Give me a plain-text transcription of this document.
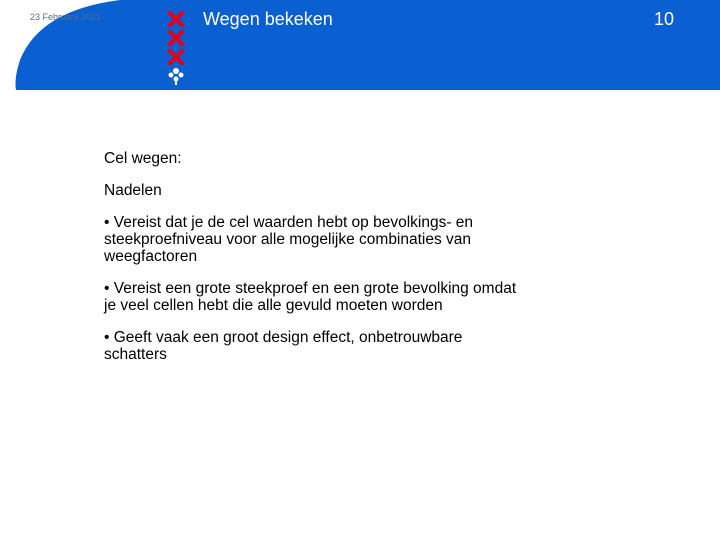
23 February 2021	Wegen bekeken	10
Cel wegen:
Nadelen
• Vereist dat je de cel waarden hebt op bevolkings- en
steekproefniveau voor alle mogelijke combinaties van
weegfactoren
• Vereist een grote steekproef en een grote bevolking omdat
je veel cellen hebt die alle gevuld moeten worden
• Geeft vaak een groot design effect, onbetrouwbare
schatters
